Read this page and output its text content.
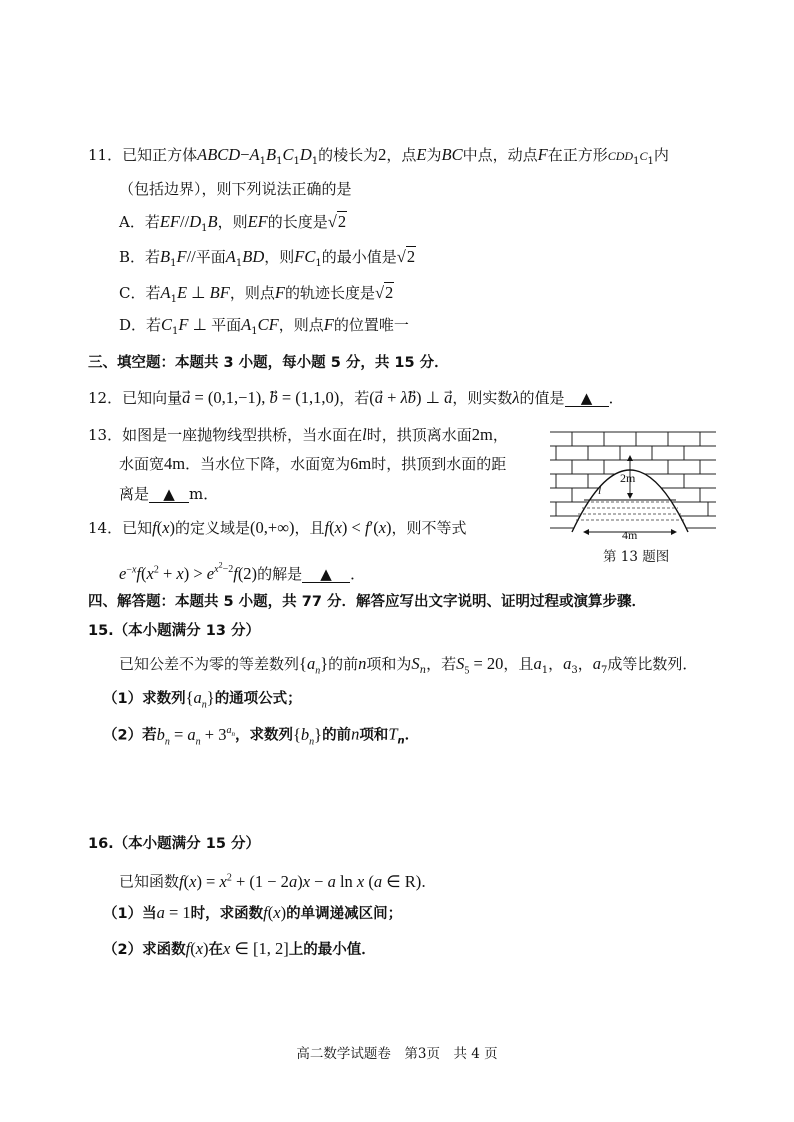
11．已知正方体$ABCD-A_1B_1C_1D_1$的棱长为2，点E为BC中点，动点F在正方形$CDD_1C_1$内
（包括边界），则下列说法正确的是
A．若$EF//D_1B$，则EF的长度是√2
B．若$B_1F//$平面$A_1BD$，则$FC_1$的最小值是√2
C．若$A_1E$ ⊥ BF，则点F的轨迹长度是√2
D．若$C_1F$ ⊥ 平面$A_1CF$，则点F的位置唯一
三、填空题：本题共 3 小题，每小题 5 分，共 15 分．
12．已知向量a⃗ = (0,1,−1), b⃗ = (1,1,0)，若(a⃗ + λb⃗) ⊥ a，则实数λ的值是 ▲ ．
13．如图是一座抛物线型拱桥，当水面在l时，拱顶离水面2m，
水面宽4m．当水位下降，水面宽为6m时，拱顶到水面的距
离是 ▲ m．
14．已知f(x)的定义域是(0,+∞)，且f(x) < f′(x)，则不等式
$e^{-x}f(x^2 + x) > e^{x^2-2}f(2)$的解是 ▲ ．
2m
l
4m
第 13 题图
四、解答题：本题共 5 小题，共 77 分．解答应写出文字说明、证明过程或演算步骤．
15.（本小题满分 13 分）
已知公差不为零的等差数列$\{a_n\}$的前n项和为$S_n$，若$S_5 = 20$，且$a_1$，$a_3$，$a_7$成等比数列．
（1）求数列$\{a_n\}$的通项公式；
（2）若$b_n = a_n + 3^{a_n}$，求数列$\{b_n\}$的前n项和$T_n$．
16.（本小题满分 15 分）
已知函数$f(x) = x^2 + (1 - 2a)x - a$ ln x (a ∈ R)．
（1）当a = 1时，求函数f(x)的单调递减区间；
（2）求函数f(x)在x ∈ [1, 2]上的最小值．
高二数学试题卷　第3页　共 4 页
